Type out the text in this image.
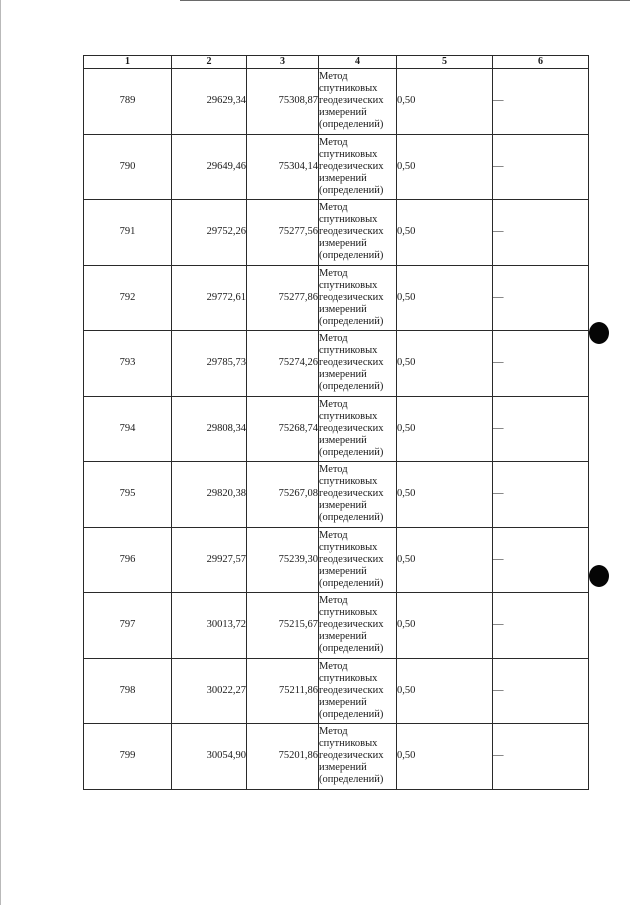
1	2	3	4	5	6
789	29629,34	75308,87	Метод
спутниковых
геодезических
измерений
(определений)	0,50	—
790	29649,46	75304,14	Метод
спутниковых
геодезических
измерений
(определений)	0,50	—
791	29752,26	75277,56	Метод
спутниковых
геодезических
измерений
(определений)	0,50	—
792	29772,61	75277,86	Метод
спутниковых
геодезических
измерений
(определений)	0,50	—
793	29785,73	75274,26	Метод
спутниковых
геодезических
измерений
(определений)	0,50	—
794	29808,34	75268,74	Метод
спутниковых
геодезических
измерений
(определений)	0,50	—
795	29820,38	75267,08	Метод
спутниковых
геодезических
измерений
(определений)	0,50	—
796	29927,57	75239,30	Метод
спутниковых
геодезических
измерений
(определений)	0,50	—
797	30013,72	75215,67	Метод
спутниковых
геодезических
измерений
(определений)	0,50	—
798	30022,27	75211,86	Метод
спутниковых
геодезических
измерений
(определений)	0,50	—
799	30054,90	75201,86	Метод
спутниковых
геодезических
измерений
(определений)	0,50	—
